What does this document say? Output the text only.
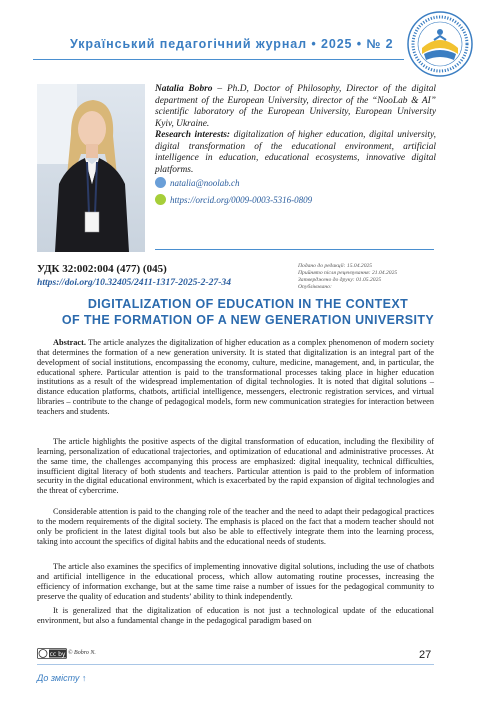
Український педагогічний журнал • 2025 • № 2
Natalia Bobro – Ph.D, Doctor of Philosophy, Director of the digital department of the European University, director of the “NooLab & AI” scientific laboratory of the European University, European University Kyiv, Ukraine.
Research interests: digitalization of higher education, digital university, digital transformation of the educational environment, artificial intelligence in education, educational ecosystems, innovative digital platforms.
natalia@noolab.ch
https://orcid.org/0009-0003-5316-0809
УДК 32:002:004 (477) (045)
https://doi.org/10.32405/2411-1317-2025-2-27-34
Подано до редакції: 15.04.2025
Прийнято після рецензування: 21.04.2025
Затверджено до друку: 01.05.2025
Опубліковано:
DIGITALIZATION OF EDUCATION IN THE CONTEXT
OF THE FORMATION OF A NEW GENERATION UNIVERSITY

Abstract. The article analyzes the digitalization of higher education as a complex phenomenon of modern society that determines the formation of a new generation university. It is stated that digitalization is an integral part of the development of social institutions, encompassing the economy, culture, medicine, management, and, in particular, the educational sphere. Particular attention is paid to the transformational processes taking place in higher education institutions as a result of the widespread implementation of digital technologies. It is noted that digital solutions – distance education platforms, chatbots, artificial intelligence, messengers, electronic registration services, and virtual libraries – contribute to the change of pedagogical models, form new communication strategies for interaction between teachers and students.

The article highlights the positive aspects of the digital transformation of education, including the flexibility of learning, personalization of educational trajectories, and optimization of educational and administrative processes. At the same time, the challenges accompanying this process are emphasized: digital inequality, technical difficulties, insufficient digital literacy of both students and teachers. Particular attention is paid to the problem of information security in the digital educational environment, which is exacerbated by the rapid expansion of digital technologies and the threat of cybercrime.

Considerable attention is paid to the changing role of the teacher and the need to adapt their pedagogical practices to the modern requirements of the digital society. The emphasis is placed on the fact that a modern teacher should not only be proficient in the latest digital tools but also be able to effectively integrate them into the learning process, taking into account the specifics of digital habits and the educational needs of students.

The article also examines the specifics of implementing innovative digital solutions, including the use of chatbots and artificial intelligence in the educational process, which allow automating routine processes, increasing the efficiency of information exchange, but at the same time raise a number of issues for the pedagogical community to preserve the quality of education and students’ ability to think independently.

It is generalized that the digitalization of education is not just a technological update of the educational environment, but also a fundamental change in the pedagogical paradigm based on

cc by © Bobro N.	27
До змісту ↑
